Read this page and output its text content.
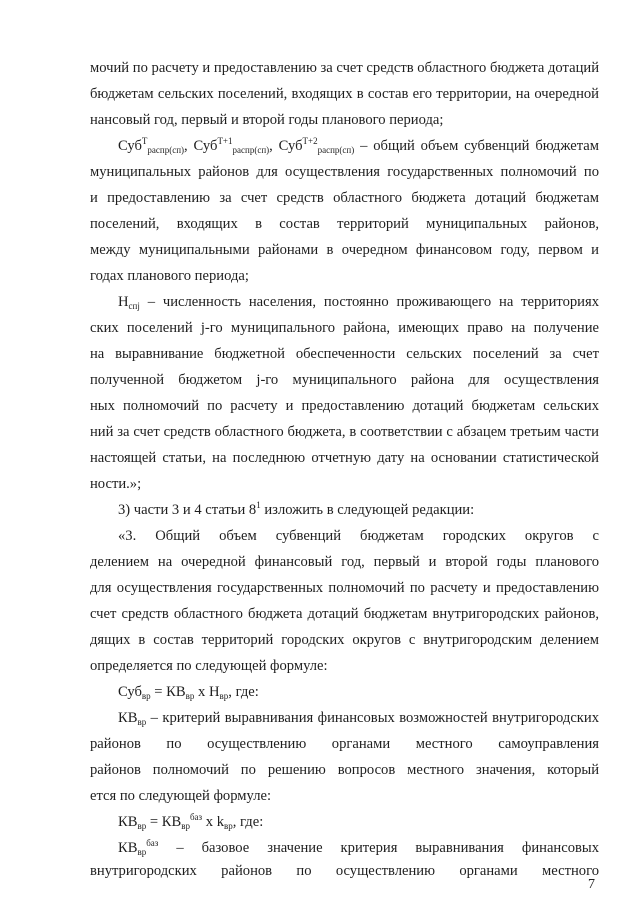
мочий по расчету и предоставлению за счет средств областного бюджета дотаций
бюджетам сельских поселений, входящих в состав его территории, на очередной
нансовый год, первый и второй годы планового периода;
Суб$^Т_{распр(сп)}$, Суб$^{Т+1}_{распр(сп)}$, Суб$^{Т+2}_{распр(сп)}$ – общий объем субвенций бюджетам
муниципальных районов для осуществления государственных полномочий по
и предоставлению за счет средств областного бюджета дотаций бюджетам
поселений, входящих в состав территорий муниципальных районов,
между муниципальными районами в очередном финансовом году, первом и
годах планового периода;
$Н_{спj}$ – численность населения, постоянно проживающего на территориях
ских поселений j-го муниципального района, имеющих право на получение
на выравнивание бюджетной обеспеченности сельских поселений за счет
полученной бюджетом j-го муниципального района для осуществления
ных полномочий по расчету и предоставлению дотаций бюджетам сельских
ний за счет средств областного бюджета, в соответствии с абзацем третьим части
настоящей статьи, на последнюю отчетную дату на основании статистической
ности.»;
3) части 3 и 4 статьи $8^1$ изложить в следующей редакции:
«3. Общий объем субвенций бюджетам городских округов с
делением на очередной финансовый год, первый и второй годы планового
для осуществления государственных полномочий по расчету и предоставлению
счет средств областного бюджета дотаций бюджетам внутригородских районов,
дящих в состав территорий городских округов с внутригородским делением
определяется по следующей формуле:
$Суб_{вр} = КВ_{вр}$ х $Н_{вр}$, где:
$КВ_{вр}$ – критерий выравнивания финансовых возможностей внутригородских
районов по осуществлению органами местного самоуправления
районов полномочий по решению вопросов местного значения, который
ется по следующей формуле:
$КВ_{вр} = КВ_{вр}^{баз}$ х $k_{вр}$, где:
$КВ_{вр}^{баз}$ – базовое значение критерия выравнивания финансовых
внутригородских районов по осуществлению органами местного
7
